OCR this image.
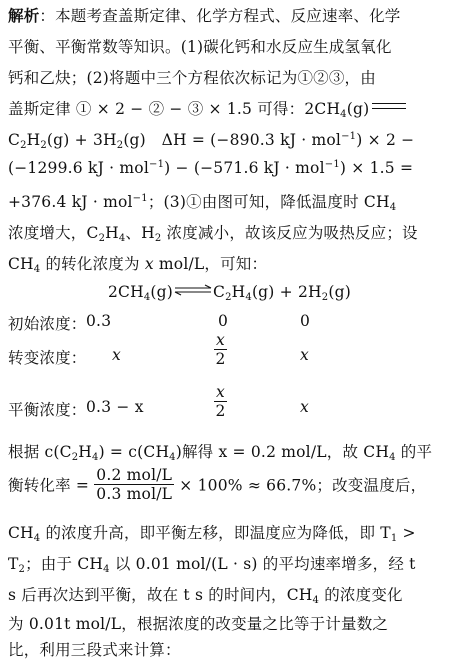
解析：本题考查盖斯定律、化学方程式、反应速率、化学
平衡、平衡常数等知识。(1)碳化钙和水反应生成氢氧化
钙和乙炔；(2)将题中三个方程依次标记为①②③，由
盖斯定律 ① × 2 − ② − ③ × 1.5 可得：$2CH_4(g)$
$C_2H_2(g) + 3H_2(g)$　ΔH = (−890.3 kJ · mol$^{-1}$) × 2 −
(−1299.6 kJ · mol$^{-1}$) − (−571.6 kJ · mol$^{-1}$) × 1.5 =
+376.4 kJ · mol$^{-1}$；(3)①由图可知，降低温度时 $CH_4$
浓度增大，$C_2H_4$、$H_2$ 浓度减小，故该反应为吸热反应；设
$CH_4$ 的转化浓度为 x mol/L，可知：
$2CH_4(g)\rightleftharpoons C_2H_4(g) + 2H_2(g)$
初始浓度： 0.3	0	0
转变浓度： x	$\frac{x}{2}$	x
平衡浓度： 0.3 − x	$\frac{x}{2}$	x
根据 $c(C_2H_4) = c(CH_4)$解得 x = 0.2 mol/L，故 $CH_4$ 的平
衡转化率 = $\frac{\text{0.2 mol/L}}{\text{0.3 mol/L}} \times 100\% \approx 66.7\%$；改变温度后，
$CH_4$ 的浓度升高，即平衡左移，即温度应为降低，即 $T_1$ >
$T_2$；由于 $CH_4$ 以 0.01 mol/(L · s) 的平均速率增多，经 t
s 后再次达到平衡，故在 t s 的时间内，$CH_4$ 的浓度变化
为 0.01t mol/L，根据浓度的改变量之比等于计量数之
比，利用三段式来计算：
